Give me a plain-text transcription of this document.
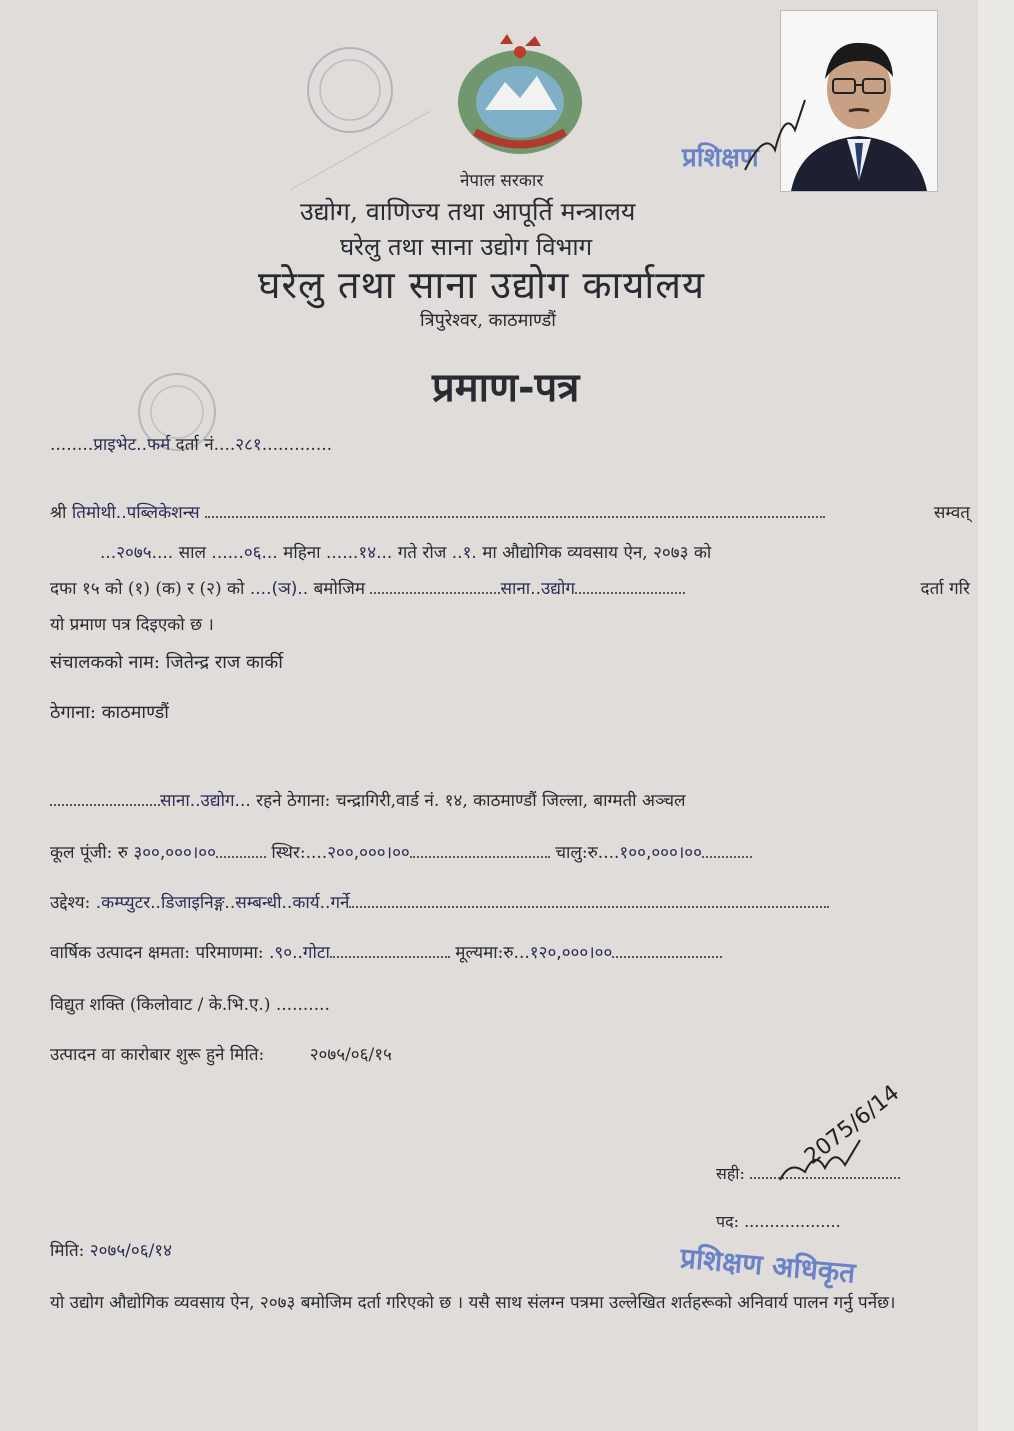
प्रशिक्षण
नेपाल सरकार
उद्योग, वाणिज्य तथा आपूर्ति मन्त्रालय
घरेलु तथा साना उद्योग विभाग
घरेलु तथा साना उद्योग कार्यालय
त्रिपुरेश्वर, काठमाण्डौं
प्रमाण-पत्र
........प्राइभेट..फर्म दर्ता नं....२८१.............
श्री तिमोथी..पब्लिकेशन्स	सम्वत्
...२०७५.... साल ......०६... महिना ......१४... गते रोज ..१. मा औद्योगिक व्यवसाय ऐन, २०७३ को
दफा १५ को (१) (क) र (२) को ....(ञ).. बमोजिम	साना..उद्योग	दर्ता गरि
यो प्रमाण पत्र दिइएको छ ।
संचालकको नाम: जितेन्द्र राज कार्की
ठेगाना: काठमाण्डौं
साना..उद्योग... रहने ठेगाना: चन्द्रागिरी,वार्ड नं. १४, काठमाण्डौं जिल्ला, बाग्मती अञ्चल
कूल पूंजी: रु ३००,०००।००	स्थिर:....२००,०००।००	चालु:रु....१००,०००।००
उद्देश्य: .कम्प्युटर..डिजाइनिङ्ग..सम्बन्धी..कार्य..गर्ने
वार्षिक उत्पादन क्षमता: परिमाणमा: .९०..गोटा	मूल्यमा:रु...१२०,०००।००
विद्युत शक्ति (किलोवाट / के.भि.ए.) ..........
उत्पादन वा कारोबार शुरू हुने मिति:	२०७५/०६/१५
सही:
2075/6/14
पद: ...................
प्रशिक्षण अधिकृत
मिति: २०७५/०६/१४
यो उद्योग औद्योगिक व्यवसाय ऐन, २०७३ बमोजिम दर्ता गरिएको छ । यसै साथ संलग्न पत्रमा उल्लेखित शर्तहरूको अनिवार्य पालन गर्नु पर्नेछ।
